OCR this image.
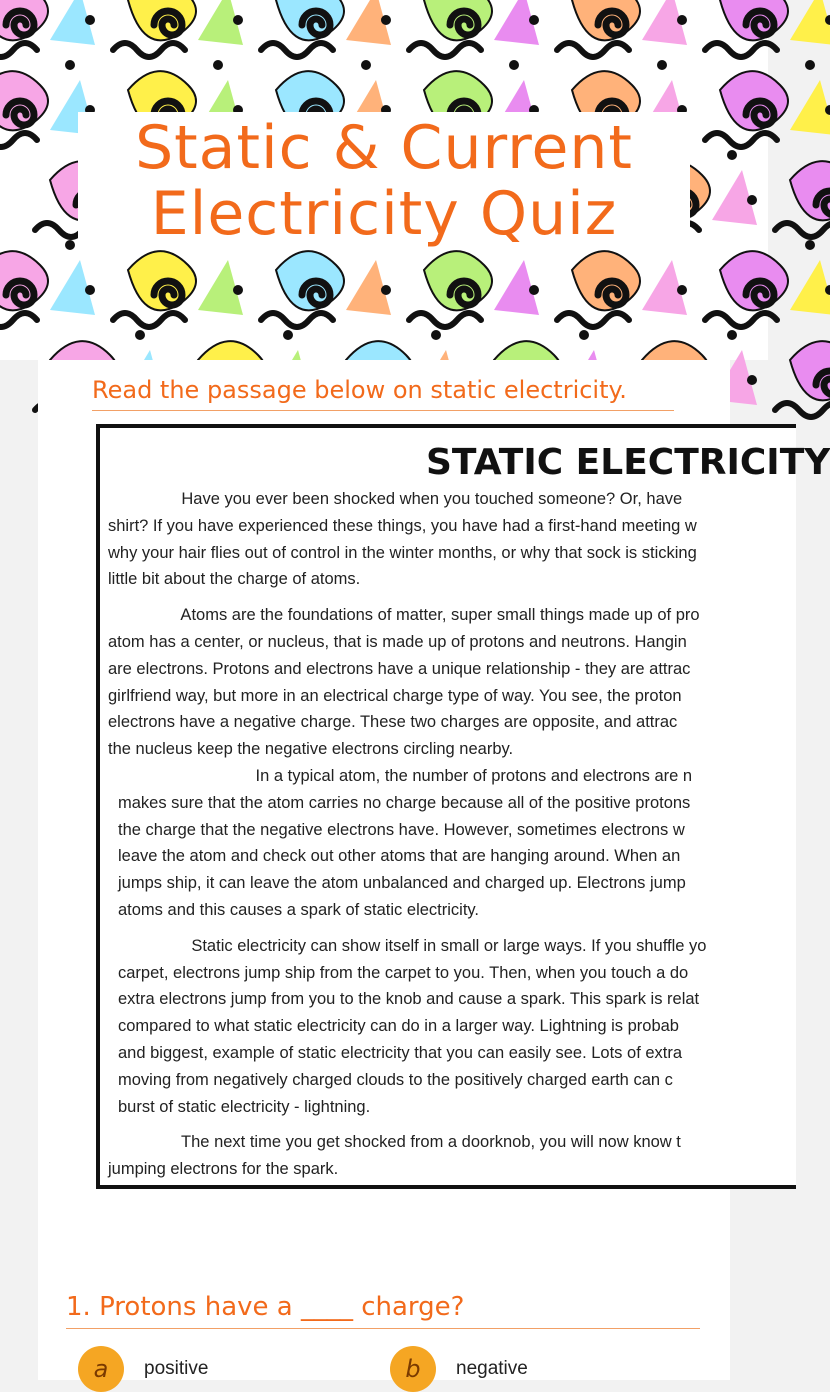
Static & Current
Electricity Quiz
Read the passage below on static electricity.
STATIC ELECTRICITY

Have you ever been shocked when you touched someone? Or, have

shirt? If you have experienced these things, you have had a first-hand meeting w

why your hair flies out of control in the winter months, or why that sock is sticking

little bit about the charge of atoms.

Atoms are the foundations of matter, super small things made up of pro

atom has a center, or nucleus, that is made up of protons and neutrons. Hangin

are electrons. Protons and electrons have a unique relationship - they are attrac

girlfriend way, but more in an electrical charge type of way. You see, the proton

electrons have a negative charge. These two charges are opposite, and attrac

the nucleus keep the negative electrons circling nearby.

In a typical atom, the number of protons and electrons are n

makes sure that the atom carries no charge because all of the positive protons

the charge that the negative electrons have. However, sometimes electrons w

leave the atom and check out other atoms that are hanging around. When an

jumps ship, it can leave the atom unbalanced and charged up. Electrons jump

atoms and this causes a spark of static electricity.

Static electricity can show itself in small or large ways. If you shuffle yo

carpet, electrons jump ship from the carpet to you. Then, when you touch a do

extra electrons jump from you to the knob and cause a spark. This spark is relat

compared to what static electricity can do in a larger way. Lightning is probab

and biggest, example of static electricity that you can easily see. Lots of extra

moving from negatively charged clouds to the positively charged earth can c

burst of static electricity - lightning.

The next time you get shocked from a doorknob, you will now know t

jumping electrons for the spark.

1. Protons have a ____ charge?
a	positive	b	negative
